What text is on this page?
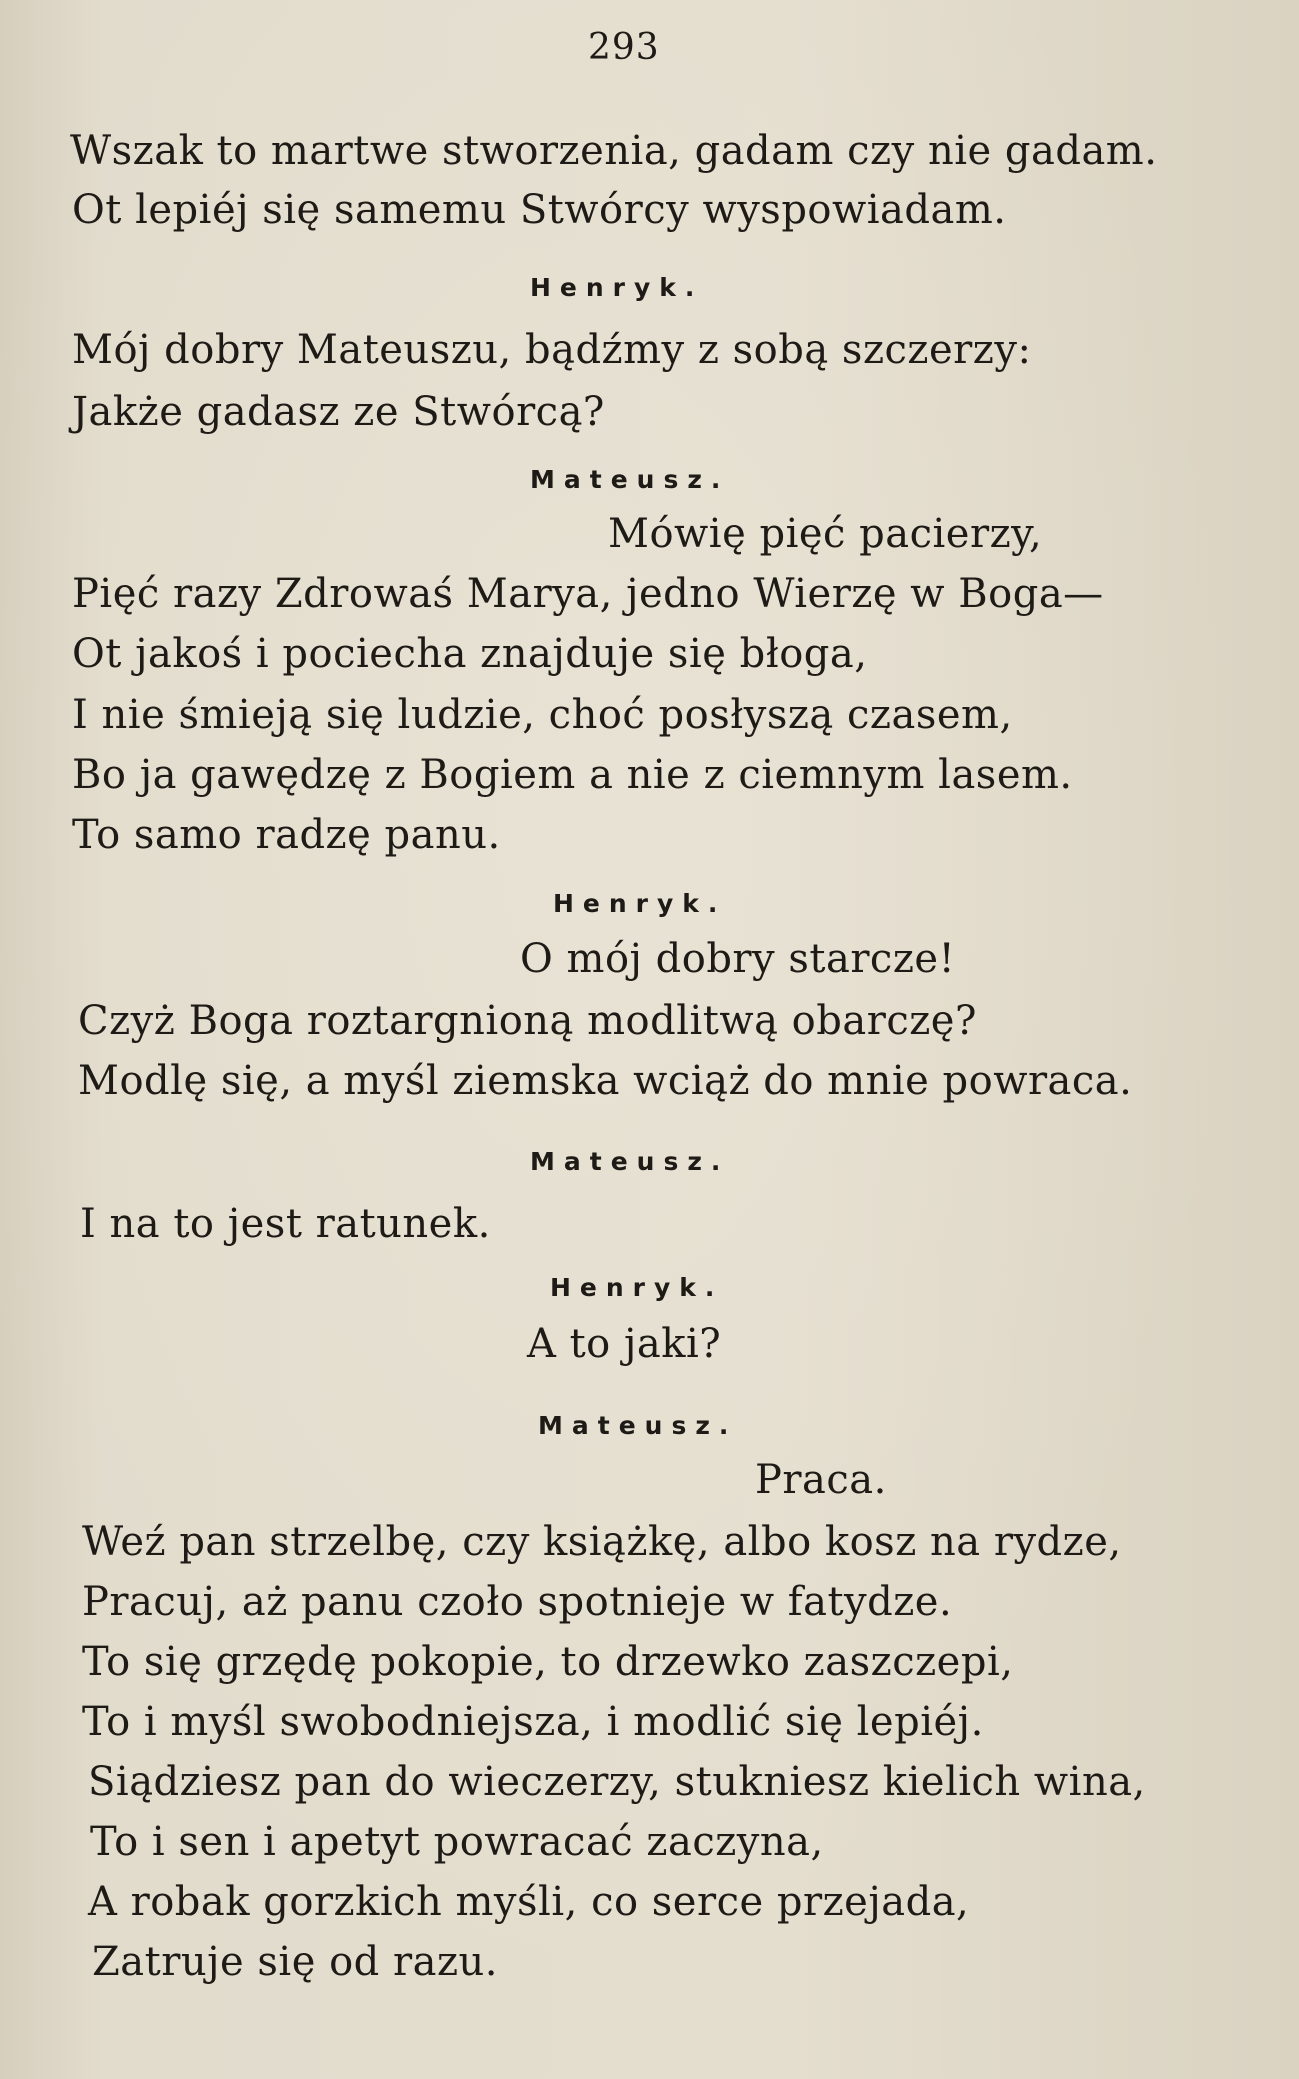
293
Wszak to martwe stworzenia, gadam czy nie gadam.
Ot lepiéj się samemu Stwórcy wyspowiadam.
Henryk.
Mój dobry Mateuszu, bądźmy z sobą szczerzy:
Jakże gadasz ze Stwórcą?
Mateusz.
Mówię pięć pacierzy,
Pięć razy Zdrowaś Marya, jedno Wierzę w Boga—
Ot jakoś i pociecha znajduje się błoga,
I nie śmieją się ludzie, choć posłyszą czasem,
Bo ja gawędzę z Bogiem a nie z ciemnym lasem.
To samo radzę panu.
Henryk.
O mój dobry starcze!
Czyż Boga roztargnioną modlitwą obarczę?
Modlę się, a myśl ziemska wciąż do mnie powraca.
Mateusz.
I na to jest ratunek.
Henryk.
A to jaki?
Mateusz.
Praca.
Weź pan strzelbę, czy książkę, albo kosz na rydze,
Pracuj, aż panu czoło spotnieje w fatydze.
To się grzędę pokopie, to drzewko zaszczepi,
To i myśl swobodniejsza, i modlić się lepiéj.
Siądziesz pan do wieczerzy, stukniesz kielich wina,
To i sen i apetyt powracać zaczyna,
A robak gorzkich myśli, co serce przejada,
Zatruje się od razu.
